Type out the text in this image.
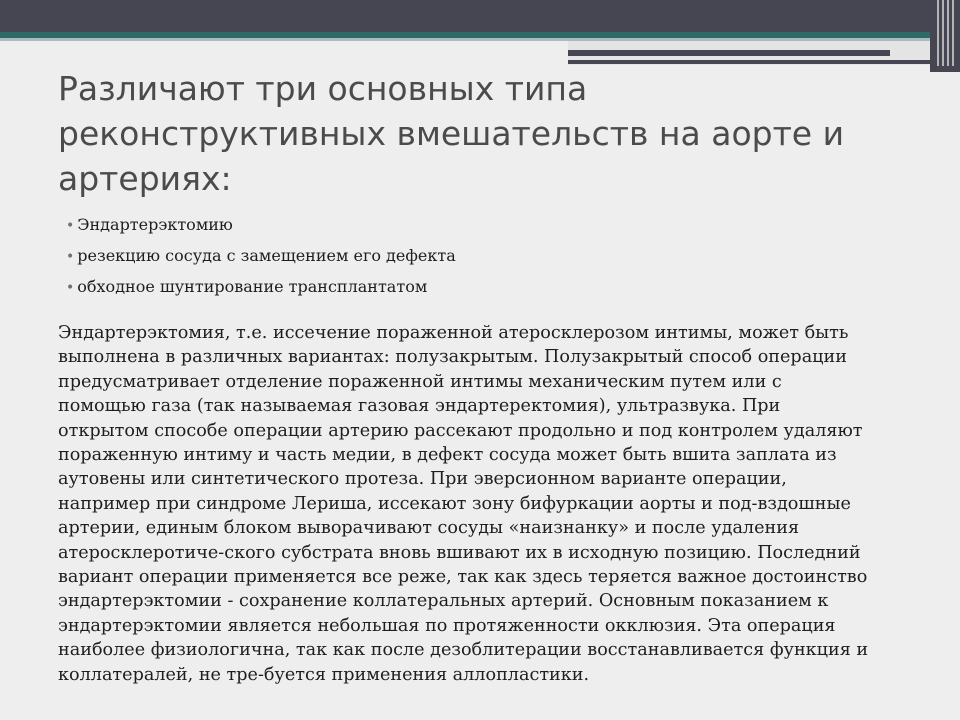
Различают три основных типа
реконструктивных вмешательств на аорте и
артериях:
• Эндартерэктомию
• резекцию сосуда с замещением его дефекта
• обходное шунтирование трансплантатом

Эндартерэктомия, т.е. иссечение пораженной атеросклерозом интимы, может быть
выполнена в различных вариантах: полузакрытым. Полузакрытый способ операции
предусматривает отделение пораженной интимы механическим путем или с
помощью газа (так называемая газовая эндартеректомия), ультразвука. При
открытом способе операции артерию рассекают продольно и под контролем удаляют
пораженную интиму и часть медии, в дефект сосуда может быть вшита заплата из
аутовены или синтетического протеза. При эверсионном варианте операции,
например при синдроме Лериша, иссекают зону бифуркации аорты и под-вздошные
артерии, единым блоком выворачивают сосуды «наизнанку» и после удаления
атеросклеротиче-ского субстрата вновь вшивают их в исходную позицию. Последний
вариант операции применяется все реже, так как здесь теряется важное достоинство
эндартерэктомии - сохранение коллатеральных артерий. Основным показанием к
эндартерэктомии является небольшая по протяженности окклюзия. Эта операция
наиболее физиологична, так как после дезоблитерации восстанавливается функция и
коллатералей, не тре-буется применения аллопластики.
